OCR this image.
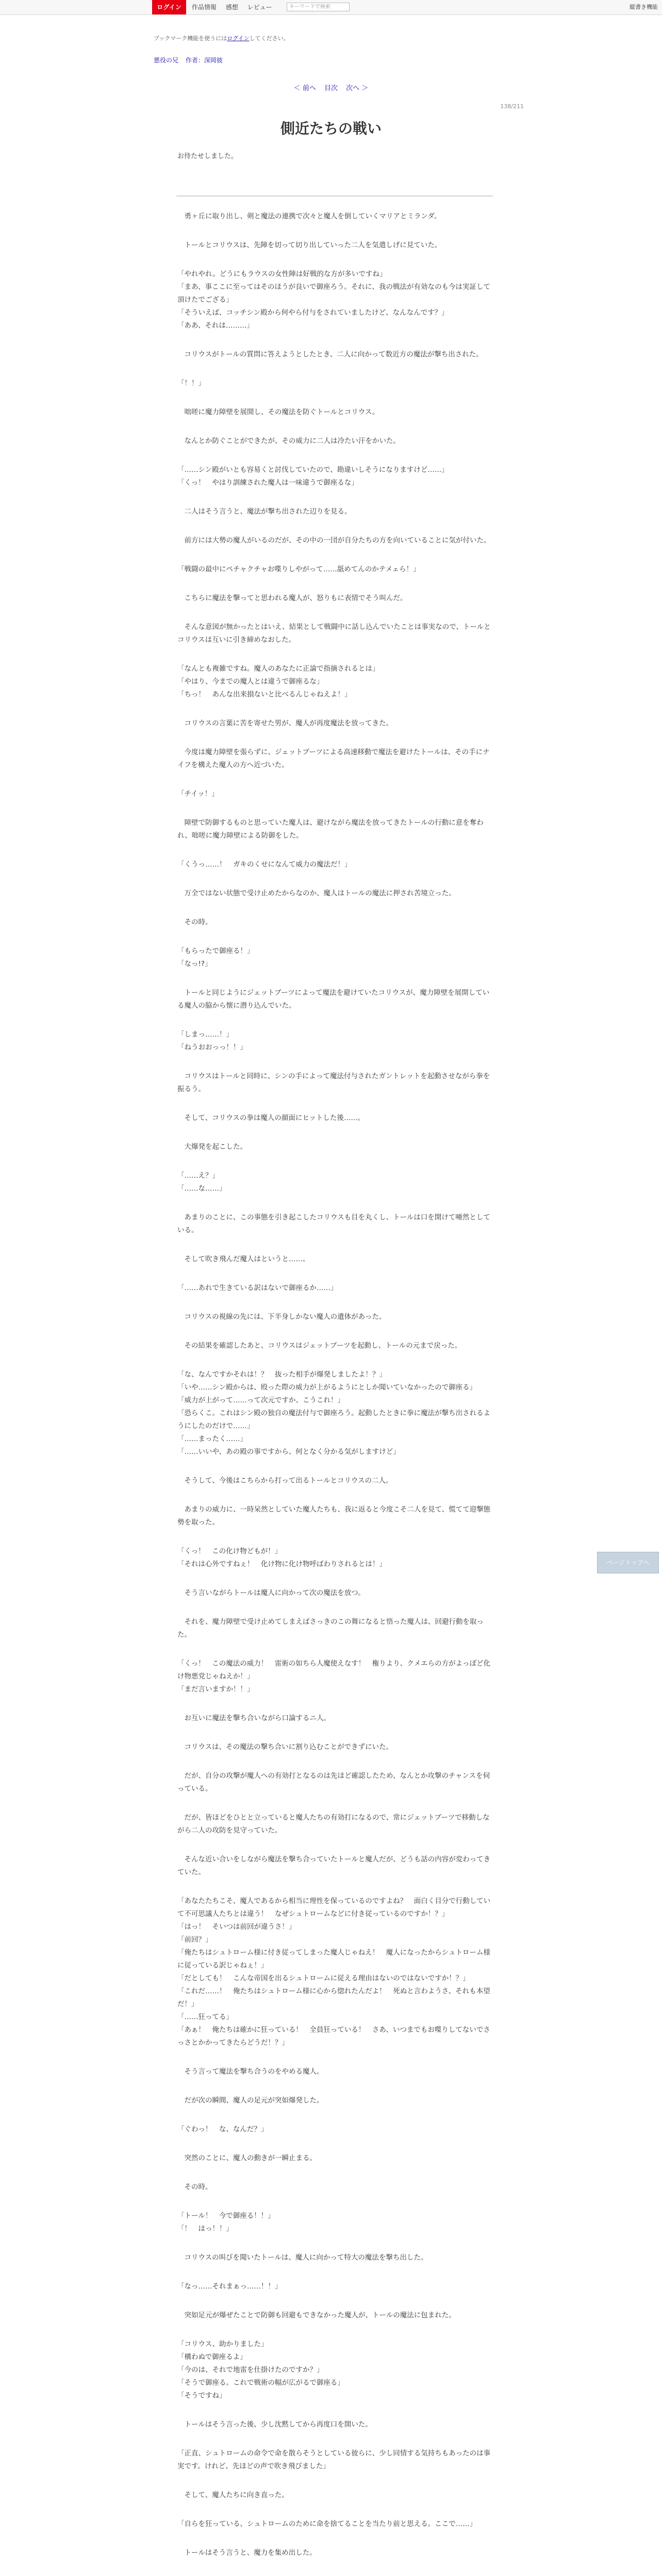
ログイン	作品情報 感想 レビュー	キーワードで検索	縦書き機能
ブックマーク機能を使うにはログインしてください。
悪役の兄 作者：深岡彼
＜ 前へ 目次 次へ ＞
138/211
側近たちの戦い
お待たせしました。

　勇ヶ丘に取り出し、剣と魔法の連携で次々と魔人を倒していくマリアとミランダ。

　トールとコリウスは、先陣を切って切り出していった二人を気遣しげに見ていた。

「やれやれ。どうにもラウスの女性陣は好戦的な方が多いですね」
「まあ、事ここに至ってはそのほうが良いで御座ろう。それに、我の戦法が有効なのも今は実証して頂けたでござる」
「そういえば、コッチシン殿から何やら付与をされていましたけど、なんなんです？」
「ああ、それは………」

　コリウスがトールの質問に答えようとしたとき、二人に向かって数近方の魔法が撃ち出された。

「！！」

　咄嗟に魔力障壁を展開し、その魔法を防ぐトールとコリウス。

　なんとか防ぐことができたが、その威力に二人は冷たい汗をかいた。

「……シン殿がいとも容易くと討伐していたので、勘違いしそうになりますけど……」
「くっ！　やはり訓練された魔人は一味違うで御座るな」

　二人はそう言うと、魔法が撃ち出された辺りを見る。

　前方には大勢の魔人がいるのだが、その中の一団が自分たちの方を向いていることに気が付いた。

「戦闘の最中にペチャクチャお喋りしやがって……舐めてんのかテメェら！」

　こちらに魔法を撃ってと思われる魔人が、怒りもに表情でそう叫んだ。

　そんな意図が無かったとはいえ、結果として戦闘中に話し込んでいたことは事実なので、トールとコリウスは互いに引き締めなおした。

「なんとも複雑ですね。魔人のあなたに正論で指摘されるとは」
「やはり、今までの魔人とは違うで御座るな」
「ちっ！　あんな出来損ないと比べるんじゃねえよ！」

　コリウスの言葉に苦を寄せた男が、魔人が再度魔法を放ってきた。

　今度は魔力障壁を張らずに、ジェットブーツによる高速移動で魔法を避けたトールは、その手にナイフを構えた魔人の方へ近づいた。

「チイッ！」

　障壁で防御するものと思っていた魔人は、避けながら魔法を放ってきたトールの行動に意を奪われ、咄嗟に魔力障壁による防御をした。

「くうっ……！　ガキのくせになんて威力の魔法だ！」

　万全ではない状態で受け止めたからなのか、魔人はトールの魔法に押され苦境立った。

　その時。

「もらったで御座る！」
「なっ!?」

　トールと同じようにジェットブーツによって魔法を避けていたコリウスが、魔力障壁を展開している魔人の脇から懐に潜り込んでいた。

「しまっ……！」
「ねうおおっっ！！」

　コリウスはトールと同時に、シンの手によって魔法付与されたガントレットを起動させながら拳を振るう。

　そして、コリウスの拳は魔人の顔面にヒットした後……。

　大爆発を起こした。

「……え？」
「……な……」

　あまりのことに、この事態を引き起こしたコリウスも目を丸くし、トールは口を開けて唖然としている。

　そして吹き飛んだ魔人はというと……。

「……あれで生きている訳はないで御座るか……」

　コリウスの視線の先には、下半身しかない魔人の遺体があった。

　その結果を確認したあと、コリウスはジェットブーツを起動し、トールの元まで戻った。

「な、なんですかそれは！？　抜った相手が爆発しましたよ！？」
「いや……シン殿からは、殴った際の威力が上がるようにとしか聞いていなかったので御座る」
「威力が上がって……って次元ですか、こうこれ！」
「恐らくこ。これはシン殿の独自の魔法付与で御座ろう。起動したときに拳に魔法が撃ち出されるようにしたのだけで……」
「……まったく……」
「……いいや、あの殿の事ですから、何となく分かる気がしますけど」

　そうして、今後はこちらから打って出るトールとコリウスの二人。

　あまりの威力に、一時呆然としていた魔人たちも、我に返ると今度こそ二人を見て、慌てて迎撃態勢を取った。

「くっ！　この化け物どもが！」
「それは心外ですねぇ！　化け物に化け物呼ばわりされるとは！」

　そう言いながらトールは魔人に向かって次の魔法を放つ。

　それを、魔力障壁で受け止めてしまえばさっきのこの舞になると悟った魔人は、回避行動を取った。

「くっ！　この魔法の威力！　雷術の如ちら人魔使えなす！　権りより、クメエらの方がよっぽど化け物悪党じゃねえか！」
「まだ言いますか！！」

　お互いに魔法を撃ち合いながら口論するニ人。

　コリウスは、その魔法の撃ち合いに割り込むことができずにいた。

　だが、自分の攻撃が魔人への有効打となるのは先ほど確認したため、なんとか攻撃のチャンスを伺っている。

　だが、皆ほどをひとと立っていると魔人たちの有効打になるので、常にジェットブーツで移動しながら二人の攻防を見守っていた。

　そんな近い合いをしながら魔法を撃ち合っていたトールと魔人だが、どうも話の内容が変わってきていた。

「あなたたちこそ、魔人であるから相当に理性を保っているのですよね？　面白く目分で行動していて不可思議人たちとは違う！　なぜシュトロームなどに付き従っているのですか！？」
「はっ！　そいつは前回が違うさ！」
「前回？」
「俺たちはシュトローム様に付き従ってしまった魔人じゃねえ！　魔人になったからシュトローム様に従っている訳じゃねぇ！」
「だとしても！　こんな帝国を出るシュトロームに従える理由はないのではないですか！？」
「これだ……！　俺たちはシュトローム様に心から惚れたんだよ！　死ぬと言わようさ、それも本望だ！」
「……狂ってる」
「あぁ！　俺たちは確かに狂っている！　全員狂っている！　さあ、いつまでもお喋りしてないでさっさとかかってきたらどうだ！？」

　そう言って魔法を撃ち合うのをやめる魔人。

　だが次の瞬間、魔人の足元が突如爆発した。

「ぐわっ！　な、なんだ？」

　突然のことに、魔人の動きが一瞬止まる。

　その時。

「トール！　今で御座る！！」
「！　はっ！！」

　コリウスの叫びを聞いたトールは、魔人に向かって特大の魔法を撃ち出した。

「なっ……それまぁっ……！！」

　突如足元が爆ぜたことで防御も回避もできなかった魔人が、トールの魔法に包まれた。

「コリウス、助かりました」
「構わぬで御座るよ」
「今のは、それで地雷を仕掛けたのですか？」
「そうで御座る。これで戦術の幅が広がるで御座る」
「そうですね」

　トールはそう言った後、少し沈黙してから再度口を開いた。

「正直、シュトロームの命令で命を散らそうとしている彼らに、少し同情する気持ちもあったのは事実です。けれど、先ほどの声で吹き飛びました」

　そして、魔人たちに向き直った。

「自らを狂っている、シュトロームのために命を捨てることを当たり前と思える。ここで……」

　トールはそう言うと、魔力を集め出した。

ページトップへ
